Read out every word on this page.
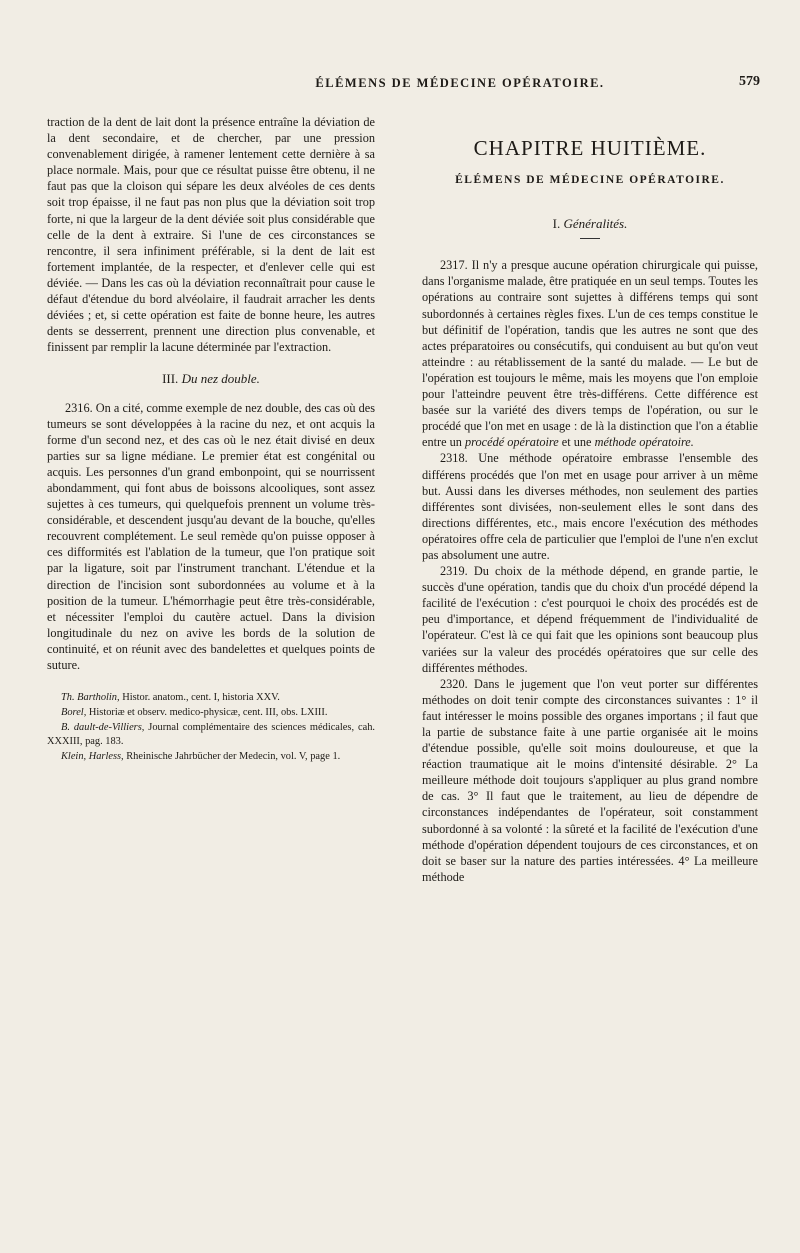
ÉLÉMENS DE MÉDECINE OPÉRATOIRE.	579

traction de la dent de lait dont la présence entraîne la déviation de la dent secondaire, et de chercher, par une pression convenablement dirigée, à ramener lentement cette dernière à sa place normale. Mais, pour que ce résultat puisse être obtenu, il ne faut pas que la cloison qui sépare les deux alvéoles de ces dents soit trop épaisse, il ne faut pas non plus que la déviation soit trop forte, ni que la largeur de la dent déviée soit plus considérable que celle de la dent à extraire. Si l'une de ces circonstances se rencontre, il sera infiniment préférable, si la dent de lait est fortement implantée, de la respecter, et d'enlever celle qui est déviée. — Dans les cas où la déviation reconnaîtrait pour cause le défaut d'étendue du bord alvéolaire, il faudrait arracher les dents déviées ; et, si cette opération est faite de bonne heure, les autres dents se desserrent, prennent une direction plus convenable, et finissent par remplir la lacune déterminée par l'extraction.

III. Du nez double.

2316. On a cité, comme exemple de nez double, des cas où des tumeurs se sont développées à la racine du nez, et ont acquis la forme d'un second nez, et des cas où le nez était divisé en deux parties sur sa ligne médiane. Le premier état est congénital ou acquis. Les personnes d'un grand embonpoint, qui se nourrissent abondamment, qui font abus de boissons alcooliques, sont assez sujettes à ces tumeurs, qui quelquefois prennent un volume très-considérable, et descendent jusqu'au devant de la bouche, qu'elles recouvrent complétement. Le seul remède qu'on puisse opposer à ces difformités est l'ablation de la tumeur, que l'on pratique soit par la ligature, soit par l'instrument tranchant. L'étendue et la direction de l'incision sont subordonnées au volume et à la position de la tumeur. L'hémorrhagie peut être très-considérable, et nécessiter l'emploi du cautère actuel. Dans la division longitudinale du nez on avive les bords de la solution de continuité, et on réunit avec des bandelettes et quelques points de suture.

Th. Bartholin, Histor. anatom., cent. I, historia XXV.

Borel, Historiæ et observ. medico-physicæ, cent. III, obs. LXIII.

B. dault-de-Villiers, Journal complémentaire des sciences médicales, cah. XXXIII, pag. 183.

Klein, Harless, Rheinische Jahrbücher der Medecin, vol. V, page 1.

CHAPITRE HUITIÈME.
ÉLÉMENS DE MÉDECINE OPÉRATOIRE.
I. Généralités.

2317. Il n'y a presque aucune opération chirurgicale qui puisse, dans l'organisme malade, être pratiquée en un seul temps. Toutes les opérations au contraire sont sujettes à différens temps qui sont subordonnés à certaines règles fixes. L'un de ces temps constitue le but définitif de l'opération, tandis que les autres ne sont que des actes préparatoires ou consécutifs, qui conduisent au but qu'on veut atteindre : au rétablissement de la santé du malade. — Le but de l'opération est toujours le même, mais les moyens que l'on emploie pour l'atteindre peuvent être très-différens. Cette différence est basée sur la variété des divers temps de l'opération, ou sur le procédé que l'on met en usage : de là la distinction que l'on a établie entre un procédé opératoire et une méthode opératoire.

2318. Une méthode opératoire embrasse l'ensemble des différens procédés que l'on met en usage pour arriver à un même but. Aussi dans les diverses méthodes, non seulement des parties différentes sont divisées, non-seulement elles le sont dans des directions différentes, etc., mais encore l'exécution des méthodes opératoires offre cela de particulier que l'emploi de l'une n'en exclut pas absolument une autre.

2319. Du choix de la méthode dépend, en grande partie, le succès d'une opération, tandis que du choix d'un procédé dépend la facilité de l'exécution : c'est pourquoi le choix des procédés est de peu d'importance, et dépend fréquemment de l'individualité de l'opérateur. C'est là ce qui fait que les opinions sont beaucoup plus variées sur la valeur des procédés opératoires que sur celle des différentes méthodes.

2320. Dans le jugement que l'on veut porter sur différentes méthodes on doit tenir compte des circonstances suivantes : 1° il faut intéresser le moins possible des organes importans ; il faut que la partie de substance faite à une partie organisée ait le moins d'étendue possible, qu'elle soit moins douloureuse, et que la réaction traumatique ait le moins d'intensité désirable. 2° La meilleure méthode doit toujours s'appliquer au plus grand nombre de cas. 3° Il faut que le traitement, au lieu de dépendre de circonstances indépendantes de l'opérateur, soit constamment subordonné à sa volonté : la sûreté et la facilité de l'exécution d'une méthode d'opération dépendent toujours de ces circonstances, et on doit se baser sur la nature des parties intéressées. 4° La meilleure méthode
